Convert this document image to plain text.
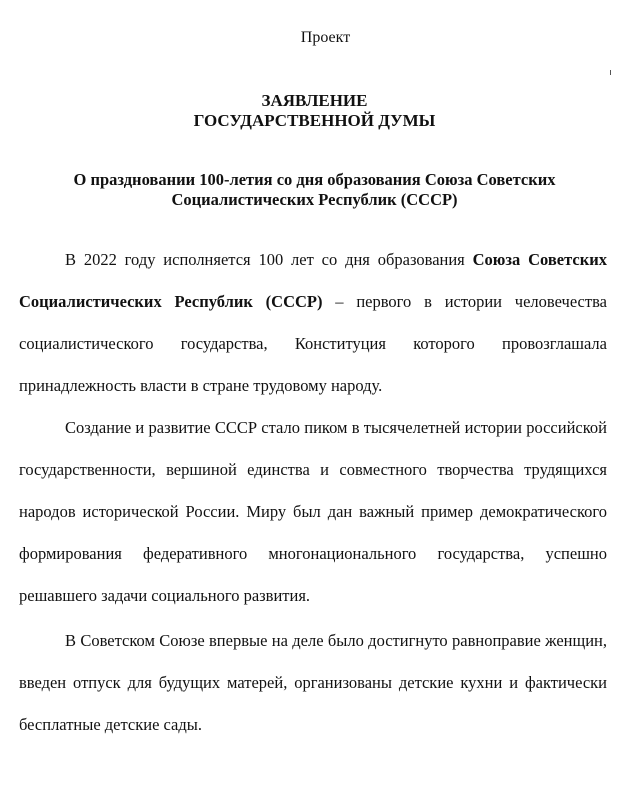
Проект
ЗАЯВЛЕНИЕ
ГОСУДАРСТВЕННОЙ ДУМЫ
О праздновании 100-летия со дня образования Союза Советских
Социалистических Республик (СССР)

В 2022 году исполняется 100 лет со дня образования Союза Советских Социалистических Республик (СССР) – первого в истории человечества социалистического государства, Конституция которого провозглашала принадлежность власти в стране трудовому народу.

Создание и развитие СССР стало пиком в тысячелетней истории российской государственности, вершиной единства и совместного творчества трудящихся народов исторической России. Миру был дан важный пример демократического формирования федеративного многонационального государства, успешно решавшего задачи социального развития.

В Советском Союзе впервые на деле было достигнуто равноправие женщин, введен отпуск для будущих матерей, организованы детские кухни и фактически бесплатные детские сады.
